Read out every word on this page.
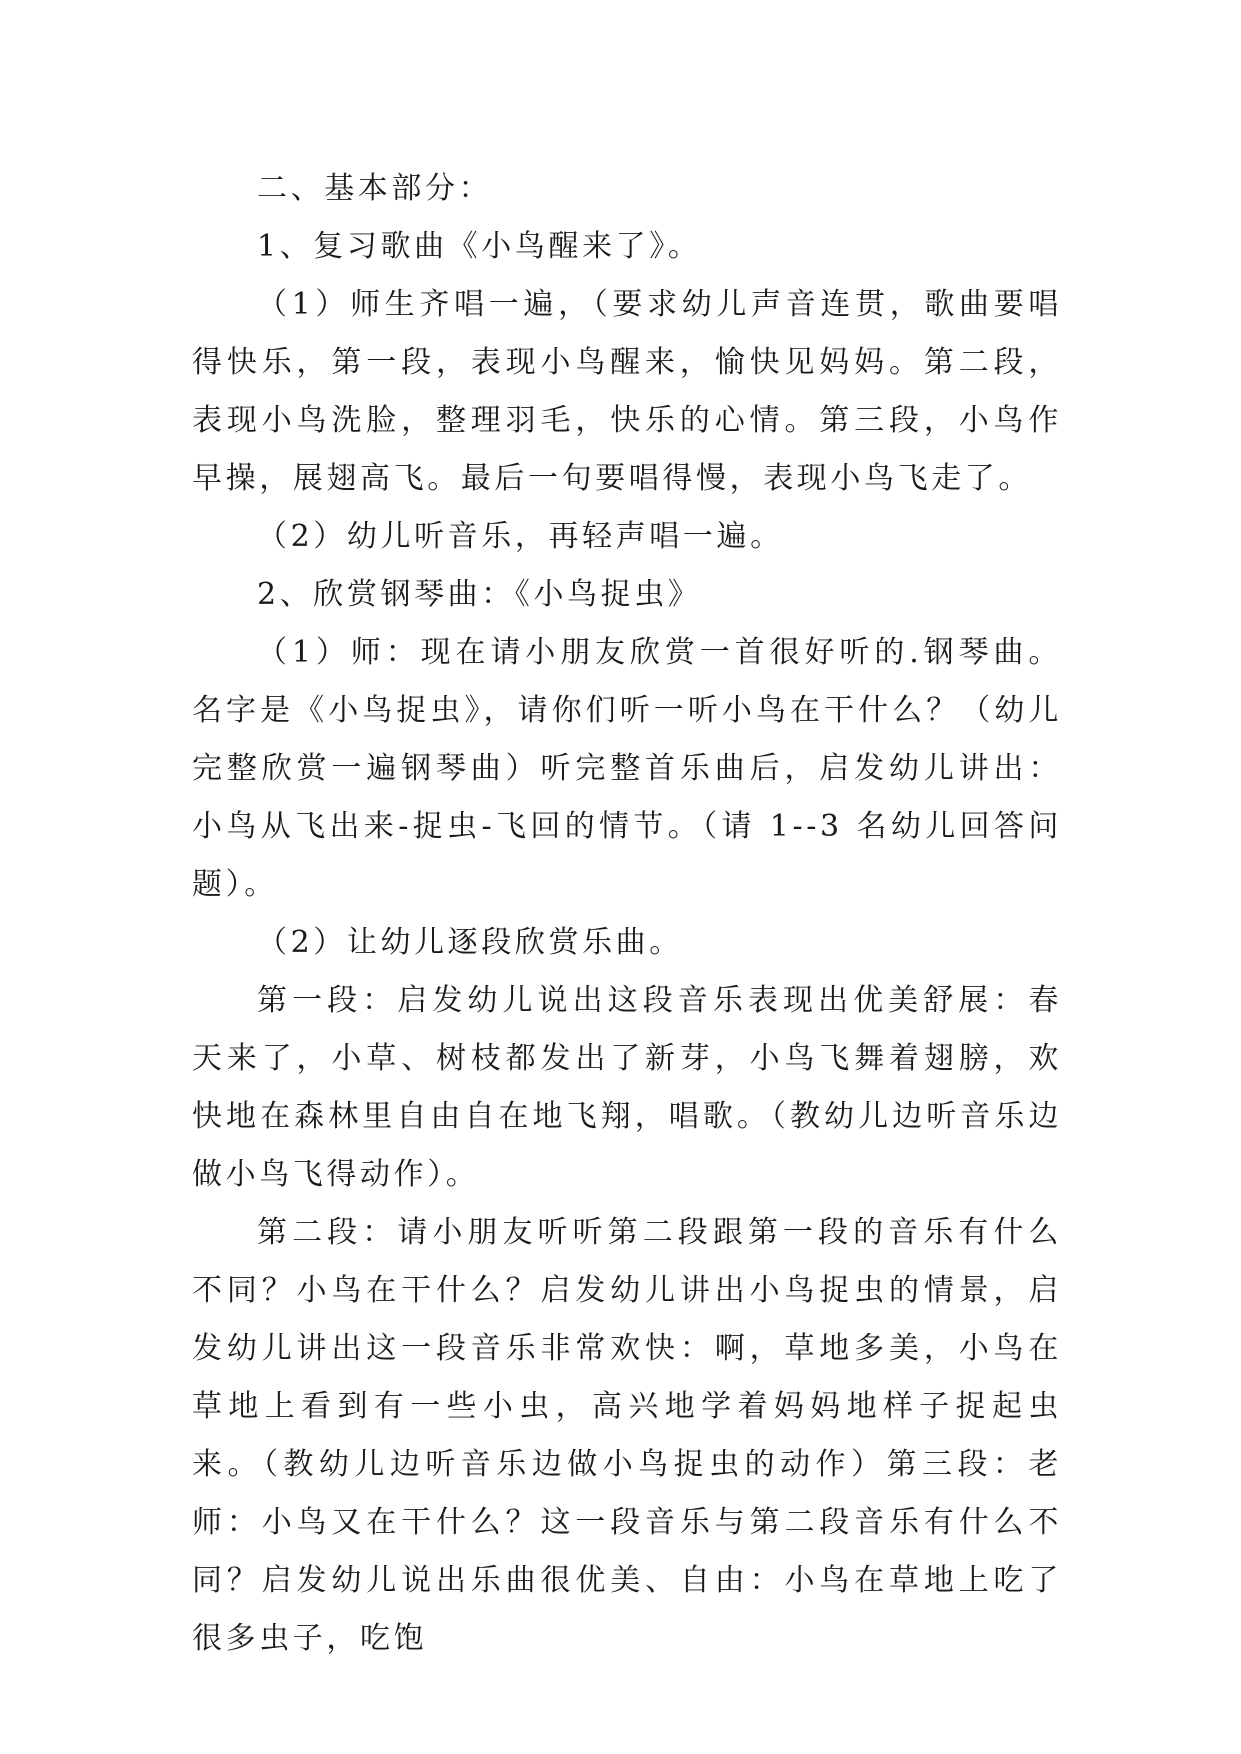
二、基本部分：

1、复习歌曲《小鸟醒来了》。

（1）师生齐唱一遍，（要求幼儿声音连贯，歌曲要唱得快乐，第一段，表现小鸟醒来，愉快见妈妈。第二段，表现小鸟洗脸，整理羽毛，快乐的心情。第三段，小鸟作早操，展翅高飞。最后一句要唱得慢，表现小鸟飞走了。

（2）幼儿听音乐，再轻声唱一遍。

2、欣赏钢琴曲：《小鸟捉虫》

（1）师：现在请小朋友欣赏一首很好听的.钢琴曲。名字是《小鸟捉虫》，请你们听一听小鸟在干什么？（幼儿完整欣赏一遍钢琴曲）听完整首乐曲后，启发幼儿讲出：小鸟从飞出来-捉虫-飞回的情节。（请 1--3 名幼儿回答问题）。

（2）让幼儿逐段欣赏乐曲。

第一段：启发幼儿说出这段音乐表现出优美舒展：春天来了，小草、树枝都发出了新芽，小鸟飞舞着翅膀，欢快地在森林里自由自在地飞翔，唱歌。（教幼儿边听音乐边做小鸟飞得动作）。

第二段：请小朋友听听第二段跟第一段的音乐有什么不同？小鸟在干什么？启发幼儿讲出小鸟捉虫的情景，启发幼儿讲出这一段音乐非常欢快：啊，草地多美，小鸟在草地上看到有一些小虫，高兴地学着妈妈地样子捉起虫来。（教幼儿边听音乐边做小鸟捉虫的动作）第三段：老师：小鸟又在干什么？这一段音乐与第二段音乐有什么不同？启发幼儿说出乐曲很优美、自由：小鸟在草地上吃了很多虫子，吃饱
